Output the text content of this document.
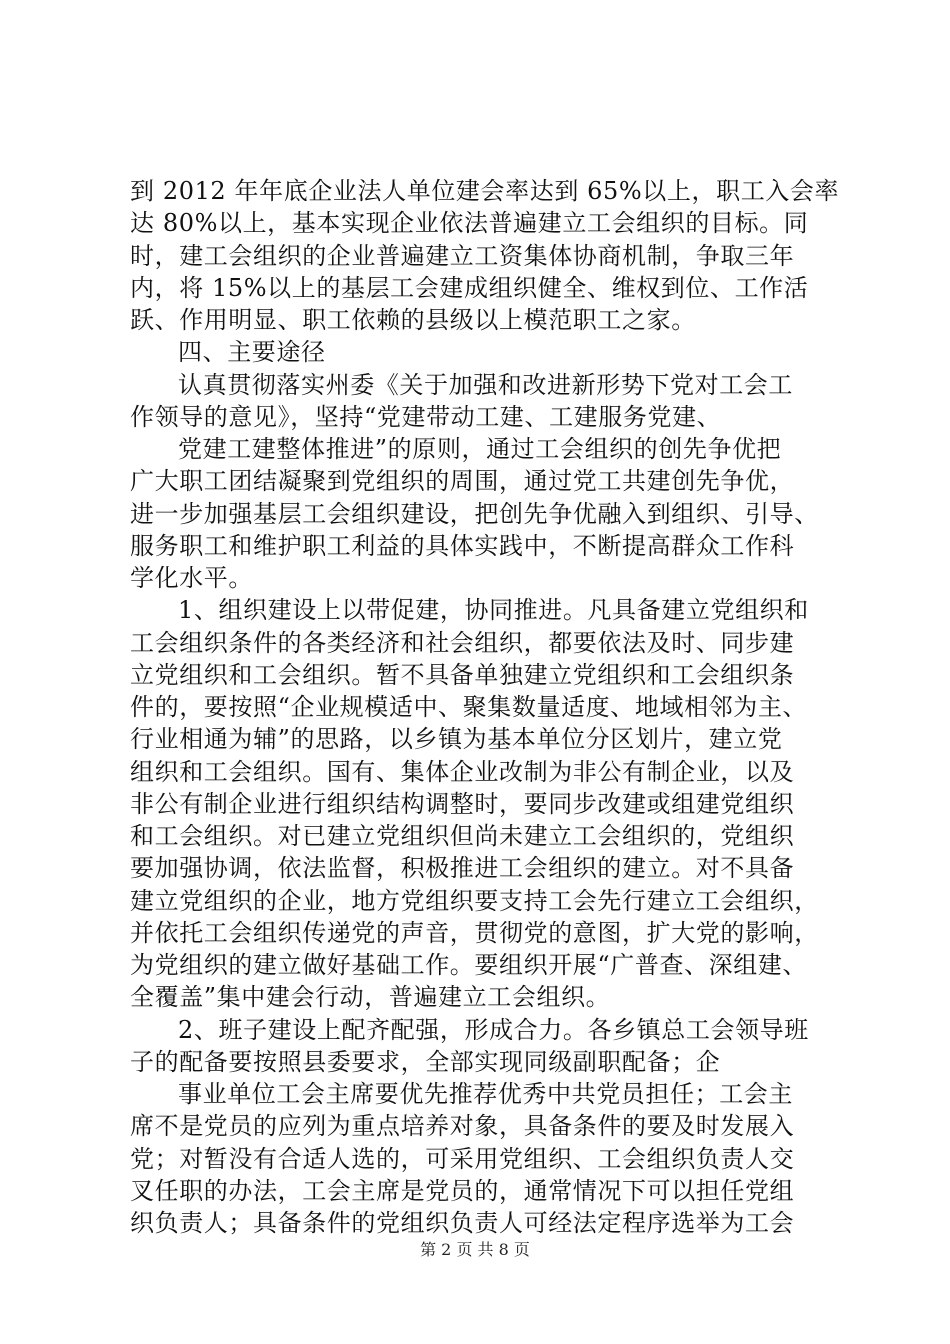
到 2012 年年底企业法人单位建会率达到 65%以上，职工入会率
达 80%以上，基本实现企业依法普遍建立工会组织的目标。同
时，建工会组织的企业普遍建立工资集体协商机制，争取三年
内，将 15%以上的基层工会建成组织健全、维权到位、工作活
跃、作用明显、职工依赖的县级以上模范职工之家。
四、主要途径
认真贯彻落实州委《关于加强和改进新形势下党对工会工
作领导的意见》，坚持“党建带动工建、工建服务党建、
党建工建整体推进”的原则，通过工会组织的创先争优把
广大职工团结凝聚到党组织的周围，通过党工共建创先争优，
进一步加强基层工会组织建设，把创先争优融入到组织、引导、
服务职工和维护职工利益的具体实践中，不断提高群众工作科
学化水平。
1、组织建设上以带促建，协同推进。凡具备建立党组织和
工会组织条件的各类经济和社会组织，都要依法及时、同步建
立党组织和工会组织。暂不具备单独建立党组织和工会组织条
件的，要按照“企业规模适中、聚集数量适度、地域相邻为主、
行业相通为辅”的思路，以乡镇为基本单位分区划片，建立党
组织和工会组织。国有、集体企业改制为非公有制企业，以及
非公有制企业进行组织结构调整时，要同步改建或组建党组织
和工会组织。对已建立党组织但尚未建立工会组织的，党组织
要加强协调，依法监督，积极推进工会组织的建立。对不具备
建立党组织的企业，地方党组织要支持工会先行建立工会组织，
并依托工会组织传递党的声音，贯彻党的意图，扩大党的影响，
为党组织的建立做好基础工作。要组织开展“广普查、深组建、
全覆盖”集中建会行动，普遍建立工会组织。
2、班子建设上配齐配强，形成合力。各乡镇总工会领导班
子的配备要按照县委要求，全部实现同级副职配备；企
事业单位工会主席要优先推荐优秀中共党员担任；工会主
席不是党员的应列为重点培养对象，具备条件的要及时发展入
党；对暂没有合适人选的，可采用党组织、工会组织负责人交
叉任职的办法，工会主席是党员的，通常情况下可以担任党组
织负责人；具备条件的党组织负责人可经法定程序选举为工会
第 2 页 共 8 页
